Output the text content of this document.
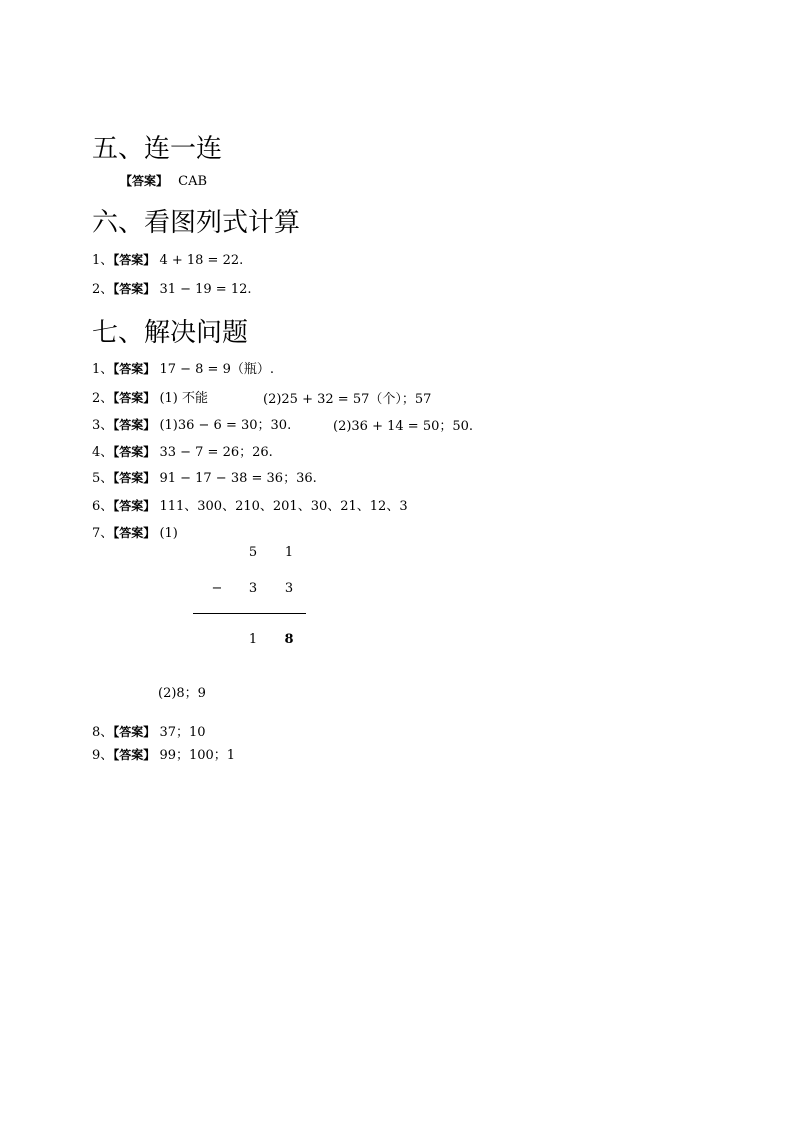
五、连一连
【答案】 CAB
六、看图列式计算
1、【答案】 4 + 18 = 22.
2、【答案】 31 − 19 = 12.
七、解决问题
1、【答案】 17 − 8 = 9（瓶）.
2、【答案】 (1) 不能	(2)25 + 32 = 57（个）；57
3、【答案】 (1)36 − 6 = 30；30.	(2)36 + 14 = 50；50.
4、【答案】 33 − 7 = 26；26.
5、【答案】 91 − 17 − 38 = 36；36.
6、【答案】 111、300、210、201、30、21、12、3
7、【答案】 (1)
5 1
− 3 3
1 8
(2)8；9
8、【答案】 37；10
9、【答案】 99；100；1
